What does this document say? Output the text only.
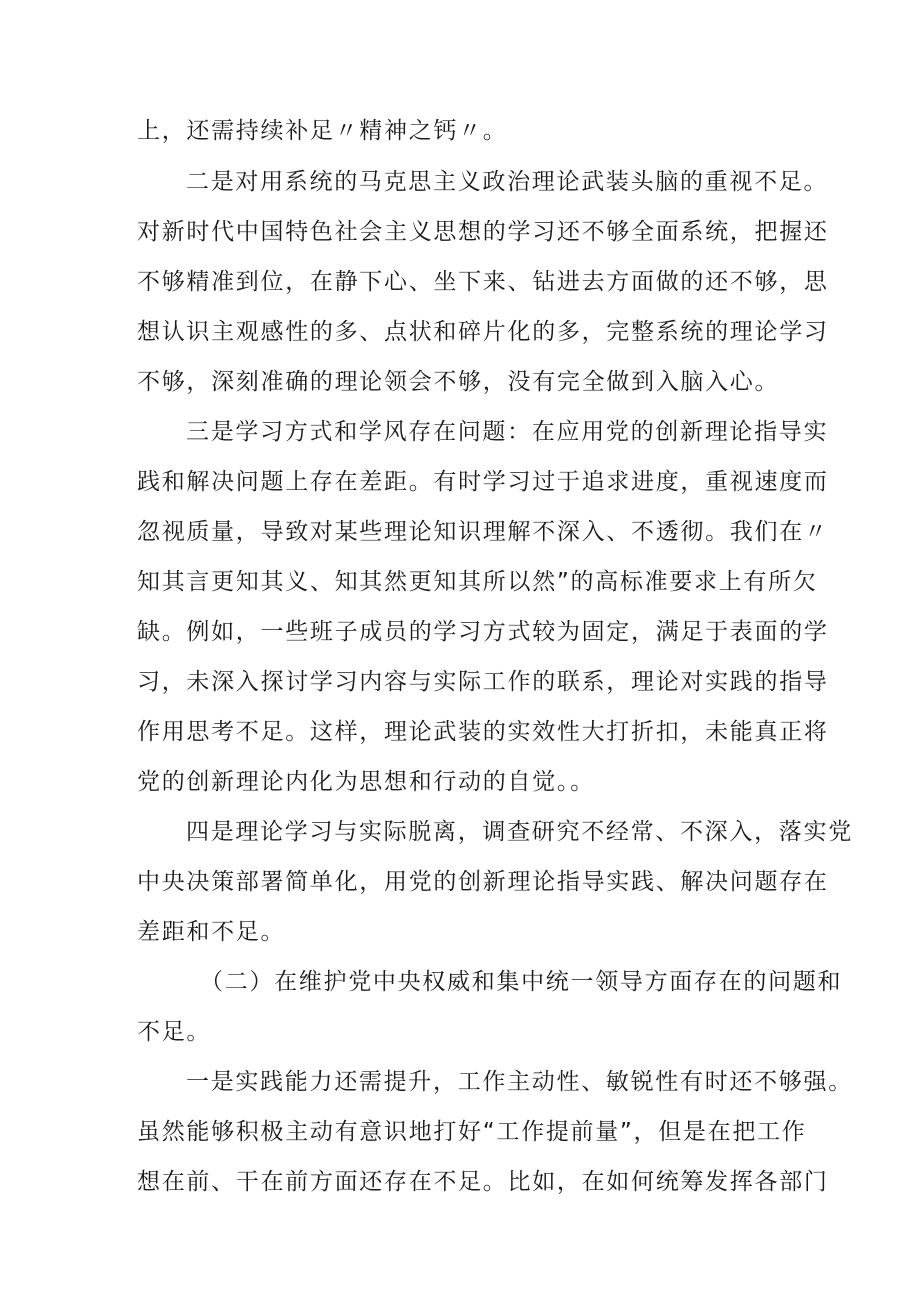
上，还需持续补足〃精神之钙〃。
二是对用系统的马克思主义政治理论武装头脑的重视不足。
对新时代中国特色社会主义思想的学习还不够全面系统，把握还
不够精准到位，在静下心、坐下来、钻进去方面做的还不够，思
想认识主观感性的多、点状和碎片化的多，完整系统的理论学习
不够，深刻准确的理论领会不够，没有完全做到入脑入心。
三是学习方式和学风存在问题：在应用党的创新理论指导实
践和解决问题上存在差距。有时学习过于追求进度，重视速度而
忽视质量，导致对某些理论知识理解不深入、不透彻。我们在〃
知其言更知其义、知其然更知其所以然”的高标准要求上有所欠
缺。例如，一些班子成员的学习方式较为固定，满足于表面的学
习，未深入探讨学习内容与实际工作的联系，理论对实践的指导
作用思考不足。这样，理论武装的实效性大打折扣，未能真正将
党的创新理论内化为思想和行动的自觉。。
四是理论学习与实际脱离，调查研究不经常、不深入，落实党
中央决策部署简单化，用党的创新理论指导实践、解决问题存在
差距和不足。
（二）在维护党中央权威和集中统一领导方面存在的问题和
不足。
一是实践能力还需提升，工作主动性、敏锐性有时还不够强。
虽然能够积极主动有意识地打好“工作提前量”，但是在把工作
想在前、干在前方面还存在不足。比如，在如何统筹发挥各部门
